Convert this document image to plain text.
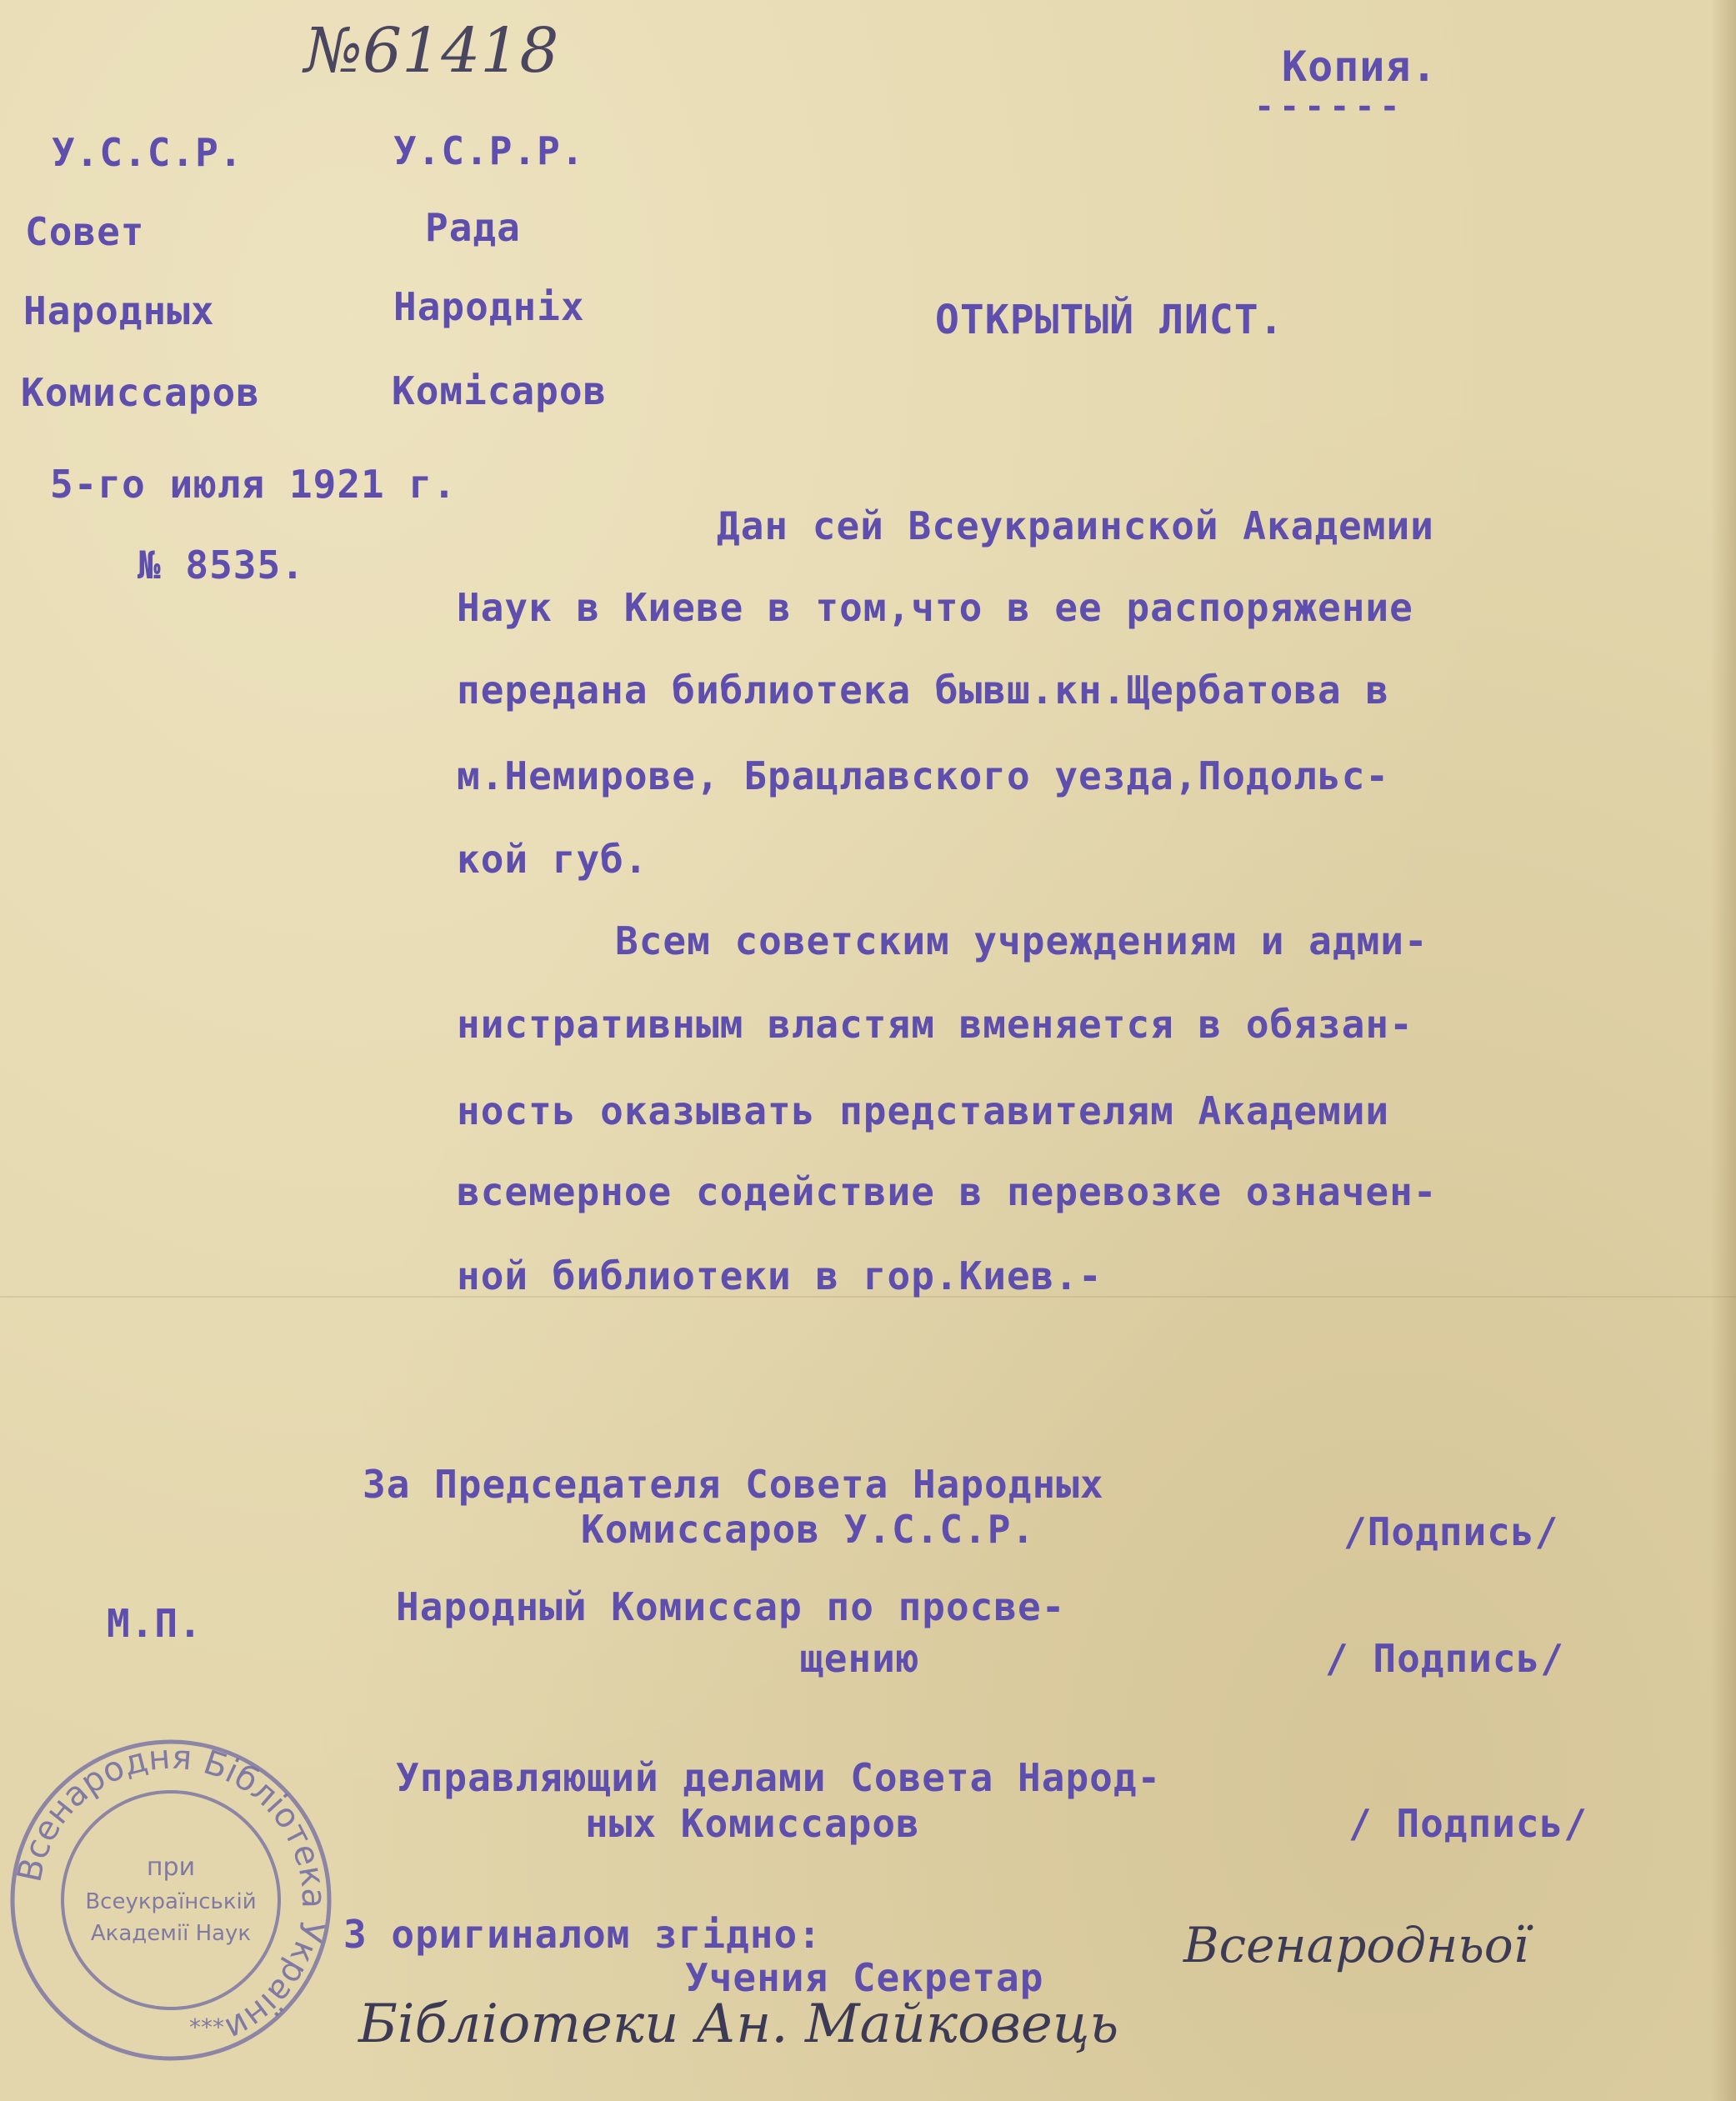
№61418	Копия.
------
У.С.С.Р.
Совет
Народных
Комиссаров
У.С.Р.Р.
Рада
Народніх
Комісаров
5-го июля 1921 г.
№ 8535.
ОТКРЫТЫЙ ЛИСТ.
Дан сей Всеукраинской Академии
Наук в Киеве в том,что в ее распоряжение
передана библиотека бывш.кн.Щербатова в
м.Немирове, Брацлавского уезда,Подольс-
кой губ.
Всем советским учреждениям и адми-
нистративным властям вменяется в обязан-
ность оказывать представителям Академии
всемерное содействие в перевозке означен-
ной библиотеки в гор.Киев.-
За Председателя Совета Народных
Комиссаров У.С.С.Р.	/Подпись/
М.П.	Народный Комиссар по просве-
щению	/ Подпись/
Управляющий делами Совета Народ-
ных Комиссаров	/ Подпись/
З оригиналом згідно:
Учения Секретар
Всенародньої
Бібліотеки Ан. Майковець
Всенародня Бібліотека України
при
Всеукраїнській
Академії Наук
***
